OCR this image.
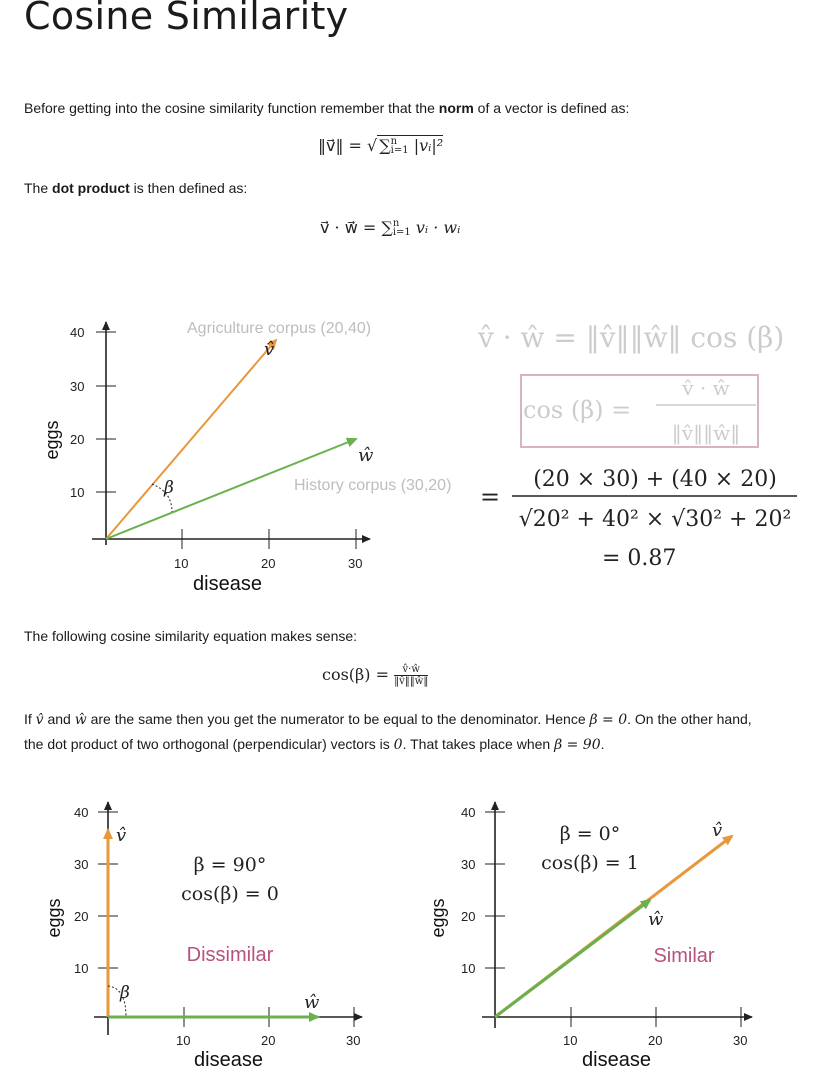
Cosine Similarity
Before getting into the cosine similarity function remember that the norm of a vector is defined as:
‖v⃗‖ = √ ∑ n
i=1 |vᵢ|²
The dot product is then defined as:
v⃗ · w⃗ = ∑ n
i=1 vᵢ · wᵢ
40
30
20
10
10	20	30
disease
eggs
β
Agriculture corpus (20,40)
v̂
ŵ
History corpus (30,20)
v̂ · ŵ = ‖v̂‖‖ŵ‖ cos (β)
cos (β) =
v̂ · ŵ
‖v̂‖‖ŵ‖
=
(20 × 30) + (40 × 20)
√20² + 40² × √30² + 20²
= 0.87
The following cosine similarity equation makes sense:
$\cos(\beta) = \frac{v̂\cdot ŵ}{‖v̂‖‖ŵ‖}$
If v̂ and ŵ are the same then you get the numerator to be equal to the denominator. Hence β = 0. On the other hand,
the dot product of two orthogonal (perpendicular) vectors is 0. That takes place when β = 90.
40
30
20
10
10	20	30
disease
eggs
β
v̂
ŵ
β = 90°
cos(β) = 0
Dissimilar
40
30
20
10
10	20	30
disease
eggs
v̂
ŵ
β = 0°
cos(β) = 1
Similar
